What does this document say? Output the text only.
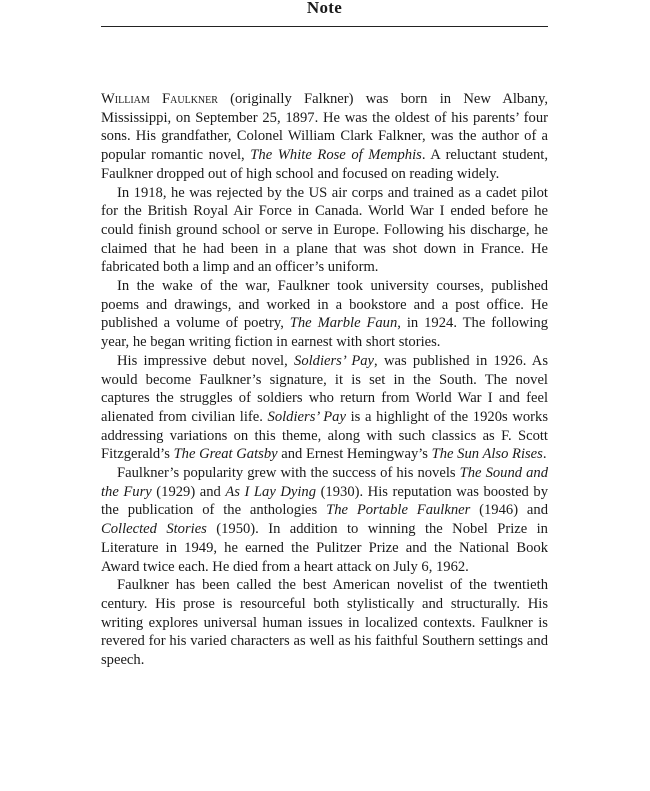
Note

William Faulkner (originally Falkner) was born in New Albany, Mississippi, on September 25, 1897. He was the oldest of his parents’ four sons. His grandfather, Colonel William Clark Falkner, was the author of a popular romantic novel, The White Rose of Memphis. A reluctant student, Faulkner dropped out of high school and focused on reading widely.

In 1918, he was rejected by the US air corps and trained as a cadet pilot for the British Royal Air Force in Canada. World War I ended before he could finish ground school or serve in Europe. Following his discharge, he claimed that he had been in a plane that was shot down in France. He fabricated both a limp and an officer’s uniform.

In the wake of the war, Faulkner took university courses, published poems and drawings, and worked in a bookstore and a post office. He published a volume of poetry, The Marble Faun, in 1924. The following year, he began writing fiction in earnest with short stories.

His impressive debut novel, Soldiers’ Pay, was published in 1926. As would become Faulkner’s signature, it is set in the South. The novel captures the struggles of soldiers who return from World War I and feel alienated from civilian life. Soldiers’ Pay is a highlight of the 1920s works addressing variations on this theme, along with such classics as F. Scott Fitzgerald’s The Great Gatsby and Ernest Hemingway’s The Sun Also Rises.

Faulkner’s popularity grew with the success of his novels The Sound and the Fury (1929) and As I Lay Dying (1930). His reputation was boosted by the publication of the anthologies The Portable Faulkner (1946) and Collected Stories (1950). In addition to winning the Nobel Prize in Literature in 1949, he earned the Pulitzer Prize and the National Book Award twice each. He died from a heart attack on July 6, 1962.

Faulkner has been called the best American novelist of the twentieth century. His prose is resourceful both stylistically and structurally. His writing explores universal human issues in localized contexts. Faulkner is revered for his varied characters as well as his faithful Southern settings and speech.
